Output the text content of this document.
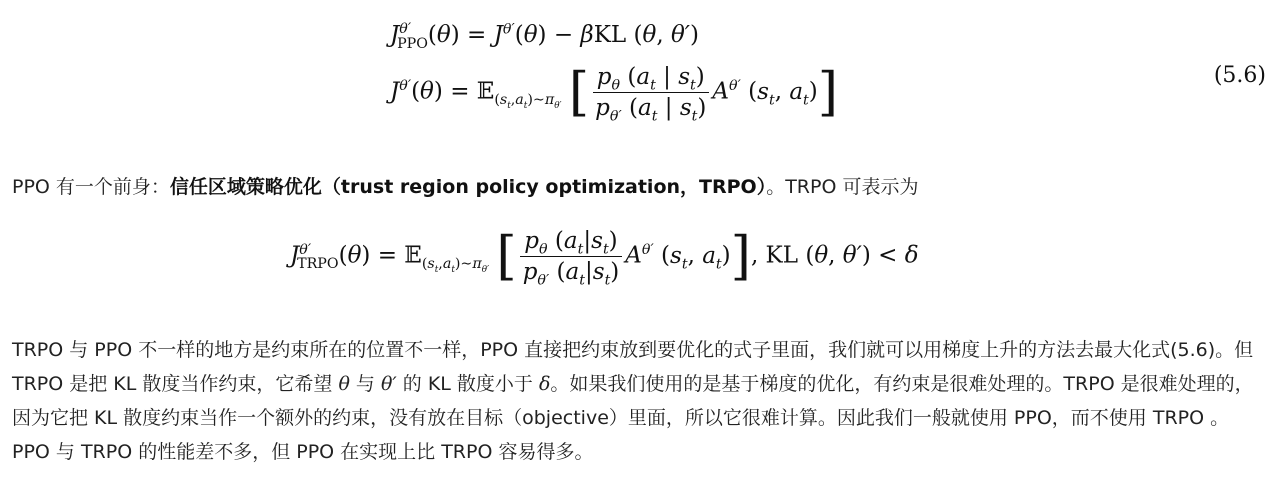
$J^{\theta'}_{PPO}(\theta) = J^{\theta'}(\theta) - \beta KL$ (θ, θ′)
$J^{\theta'}(\theta)$ = 𝔼$_{(s_t,a_t)\sim\pi_{\theta'}}$ [ $\frac{p_\theta (a_t | s_t)}{p_{\theta'} (a_t | s_t)} A^{\theta'}$ ($s_t$, $a_t$)]	(5.6)
PPO 有一个前身：信任区域策略优化（trust region policy optimization，TRPO）。TRPO 可表示为
$J^{\theta'}_{TRPO}(\theta)$ = 𝔼$_{(s_t,a_t)\sim\pi_{\theta'}}$ [ $\frac{p_\theta (a_t|s_t)}{p_{\theta'} (a_t|s_t)} A^{\theta'}$ ($s_t$, $a_t$)], KL (θ, θ′) < δ
TRPO 与 PPO 不一样的地方是约束所在的位置不一样，PPO 直接把约束放到要优化的式子里面，我们就可以用梯度上升的方法去最大化式(5.6)。但 TRPO 是把 KL 散度当作约束，它希望 θ 与 θ′ 的 KL 散度小于 δ。如果我们使用的是基于梯度的优化，有约束是很难处理的。TRPO 是很难处理的，因为它把 KL 散度约束当作一个额外的约束，没有放在目标（objective）里面，所以它很难计算。因此我们一般就使用 PPO，而不使用 TRPO 。PPO 与 TRPO 的性能差不多，但 PPO 在实现上比 TRPO 容易得多。
